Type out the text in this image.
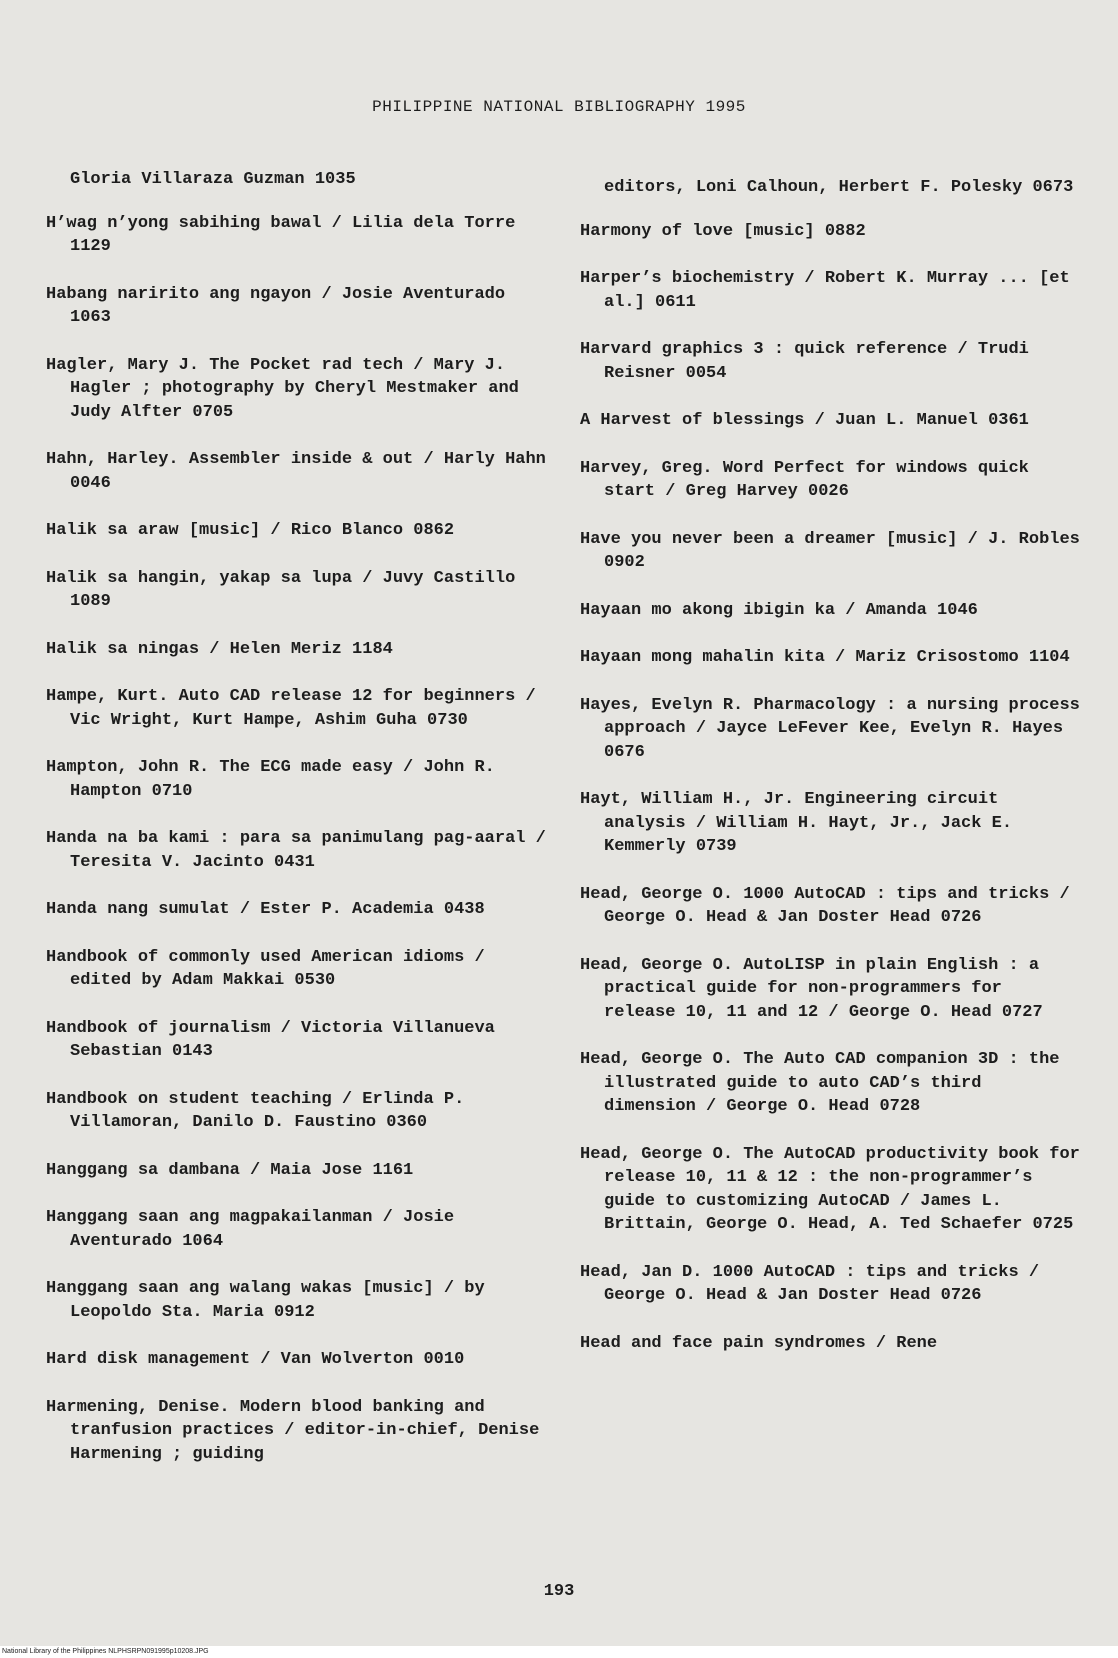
PHILIPPINE NATIONAL BIBLIOGRAPHY 1995
Gloria Villaraza Guzman 1035
H’wag n’yong sabihing bawal / Lilia dela Torre 1129
Habang naririto ang ngayon / Josie Aventurado 1063
Hagler, Mary J. The Pocket rad tech / Mary J. Hagler ; photography by Cheryl Mestmaker and Judy Alfter 0705
Hahn, Harley. Assembler inside & out / Harly Hahn 0046
Halik sa araw [music] / Rico Blanco 0862
Halik sa hangin, yakap sa lupa / Juvy Castillo 1089
Halik sa ningas / Helen Meriz 1184
Hampe, Kurt. Auto CAD release 12 for beginners / Vic Wright, Kurt Hampe, Ashim Guha 0730
Hampton, John R. The ECG made easy / John R. Hampton 0710
Handa na ba kami : para sa panimulang pag-aaral / Teresita V. Jacinto 0431
Handa nang sumulat / Ester P. Academia 0438
Handbook of commonly used American idioms / edited by Adam Makkai 0530
Handbook of journalism / Victoria Villanueva Sebastian 0143
Handbook on student teaching / Erlinda P. Villamoran, Danilo D. Faustino 0360
Hanggang sa dambana / Maia Jose 1161
Hanggang saan ang magpakailanman / Josie Aventurado 1064
Hanggang saan ang walang wakas [music] / by Leopoldo Sta. Maria 0912
Hard disk management / Van Wolverton 0010
Harmening, Denise. Modern blood banking and tranfusion practices / editor-in-chief, Denise Harmening ; guiding
editors, Loni Calhoun, Herbert F. Polesky 0673
Harmony of love [music] 0882
Harper’s biochemistry / Robert K. Murray ... [et al.] 0611
Harvard graphics 3 : quick reference / Trudi Reisner 0054
A Harvest of blessings / Juan L. Manuel 0361
Harvey, Greg. Word Perfect for windows quick start / Greg Harvey 0026
Have you never been a dreamer [music] / J. Robles 0902
Hayaan mo akong ibigin ka / Amanda 1046
Hayaan mong mahalin kita / Mariz Crisostomo 1104
Hayes, Evelyn R. Pharmacology : a nursing process approach / Jayce LeFever Kee, Evelyn R. Hayes 0676
Hayt, William H., Jr. Engineering circuit analysis / William H. Hayt, Jr., Jack E. Kemmerly 0739
Head, George O. 1000 AutoCAD : tips and tricks / George O. Head & Jan Doster Head 0726
Head, George O. AutoLISP in plain English : a practical guide for non-programmers for release 10, 11 and 12 / George O. Head 0727
Head, George O. The Auto CAD companion 3D : the illustrated guide to auto CAD’s third dimension / George O. Head 0728
Head, George O. The AutoCAD productivity book for release 10, 11 & 12 : the non-programmer’s guide to customizing AutoCAD / James L. Brittain, George O. Head, A. Ted Schaefer 0725
Head, Jan D. 1000 AutoCAD : tips and tricks / George O. Head & Jan Doster Head 0726
Head and face pain syndromes / Rene
193
National Library of the Philippines NLPHSRPN091995p10208.JPG
